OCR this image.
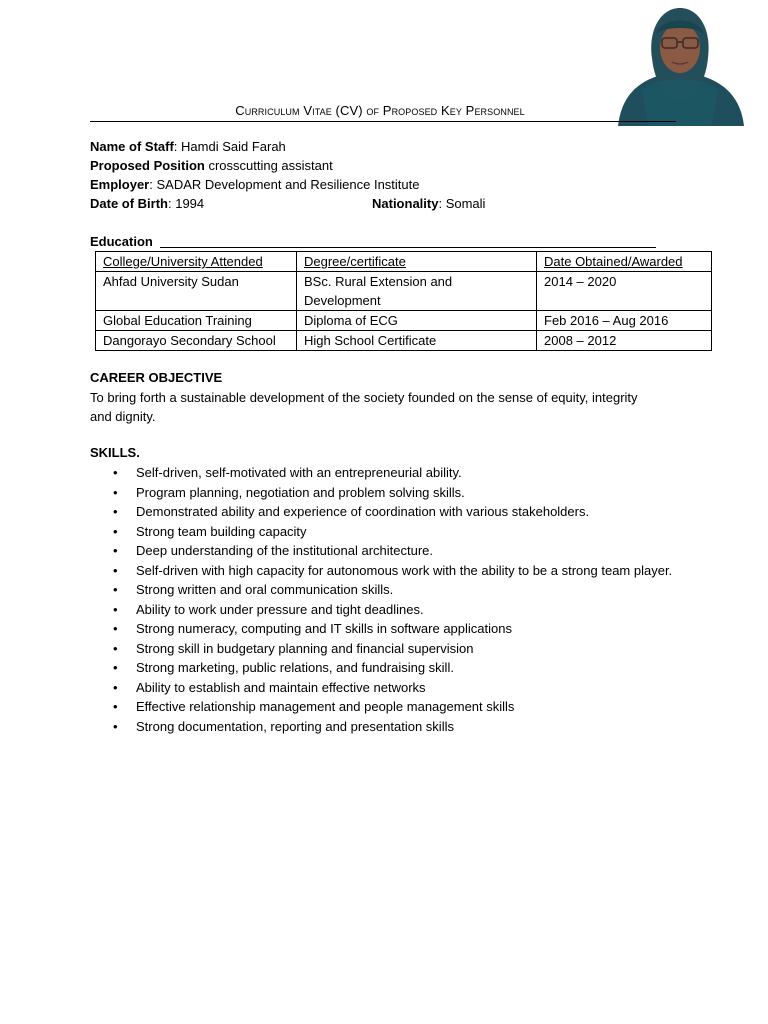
Curriculum Vitae (CV) of Proposed Key Personnel
Name of Staff: Hamdi Said Farah
Proposed Position crosscutting assistant
Employer: SADAR Development and Resilience Institute
Date of Birth: 1994	Nationality: Somali
Education
College/University Attended	Degree/certificate	Date Obtained/Awarded
Ahfad University Sudan	BSc. Rural Extension and Development	2014 – 2020
Global Education Training	Diploma of ECG	Feb 2016 – Aug 2016
Dangorayo Secondary School	High School Certificate	2008 – 2012
CAREER OBJECTIVE
To bring forth a sustainable development of the society founded on the sense of equity, integrity and dignity.
SKILLS.
• Self-driven, self-motivated with an entrepreneurial ability.
• Program planning, negotiation and problem solving skills.
• Demonstrated ability and experience of coordination with various stakeholders.
• Strong team building capacity
• Deep understanding of the institutional architecture.
• Self-driven with high capacity for autonomous work with the ability to be a strong team player.
• Strong written and oral communication skills.
• Ability to work under pressure and tight deadlines.
• Strong numeracy, computing and IT skills in software applications
• Strong skill in budgetary planning and financial supervision
• Strong marketing, public relations, and fundraising skill.
• Ability to establish and maintain effective networks
• Effective relationship management and people management skills
• Strong documentation, reporting and presentation skills
